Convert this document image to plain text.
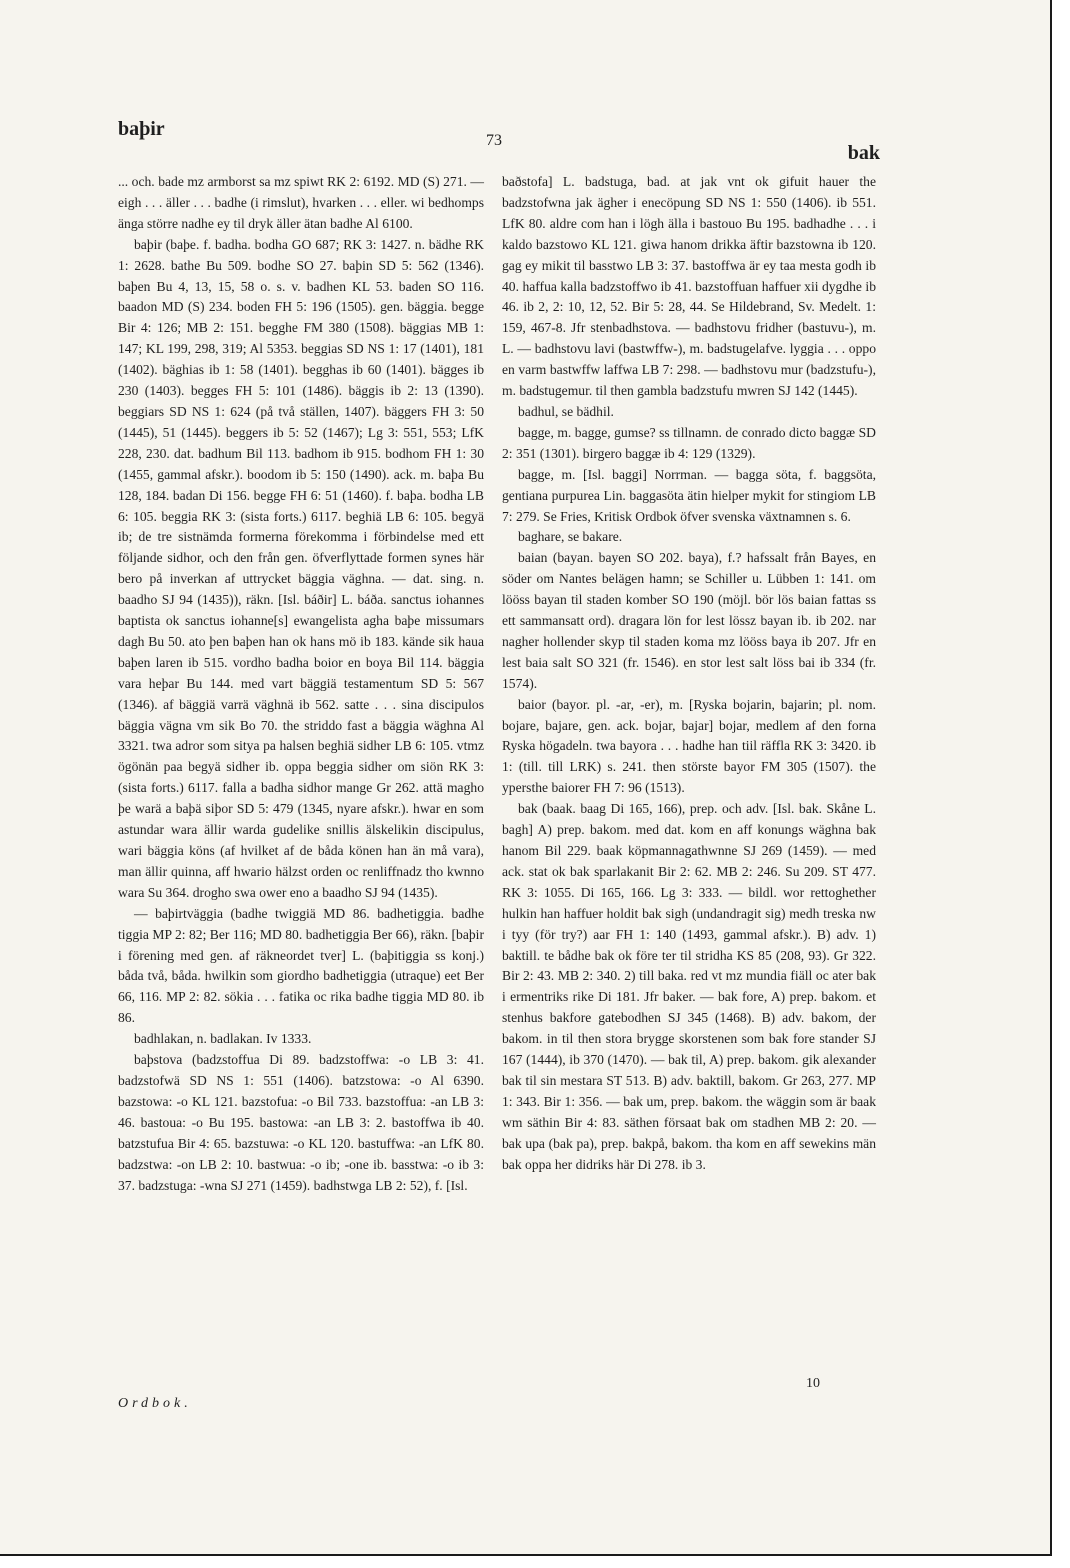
baþir
73
bak

... och. bade mz armborst sa mz spiwt RK 2: 6192. MD (S) 271. — eigh . . . äller . . . badhe (i rimslut), hvarken . . . eller. wi bedhomps änga större nadhe ey til dryk äller ätan badhe Al 6100.

baþir (baþe. f. badha. bodha GO 687; RK 3: 1427. n. bädhe RK 1: 2628. bathe Bu 509. bodhe SO 27. baþin SD 5: 562 (1346). baþen Bu 4, 13, 15, 58 o. s. v. badhen KL 53. baden SO 116. baadon MD (S) 234. boden FH 5: 196 (1505). gen. bäggia. begge Bir 4: 126; MB 2: 151. begghe FM 380 (1508). bäggias MB 1: 147; KL 199, 298, 319; Al 5353. beggias SD NS 1: 17 (1401), 181 (1402). bäghias ib 1: 58 (1401). begghas ib 60 (1401). bägges ib 230 (1403). begges FH 5: 101 (1486). bäggis ib 2: 13 (1390). beggiars SD NS 1: 624 (på två ställen, 1407). bäggers FH 3: 50 (1445), 51 (1445). beggers ib 5: 52 (1467); Lg 3: 551, 553; LfK 228, 230. dat. badhum Bil 113. badhom ib 915. bodhom FH 1: 30 (1455, gammal afskr.). boodom ib 5: 150 (1490). ack. m. baþa Bu 128, 184. badan Di 156. begge FH 6: 51 (1460). f. baþa. bodha LB 6: 105. beggia RK 3: (sista forts.) 6117. beghiä LB 6: 105. begyä ib; de tre sistnämda formerna förekomma i förbindelse med ett följande sidhor, och den från gen. öfverflyttade formen synes här bero på inverkan af uttrycket bäggia väghna. — dat. sing. n. baadho SJ 94 (1435)), räkn. [Isl. báðir] L. báða. sanctus iohannes baptista ok sanctus iohanne[s] ewangelista agha baþe missumars dagh Bu 50. ato þen baþen han ok hans mö ib 183. kände sik haua baþen laren ib 515. vordho badha boior en boya Bil 114. bäggia vara heþar Bu 144. med vart bäggiä testamentum SD 5: 567 (1346). af bäggiä varrä väghnä ib 562. satte . . . sina discipulos bäggia vägna vm sik Bo 70. the striddo fast a bäggia wäghna Al 3321. twa adror som sitya pa halsen beghiä sidher LB 6: 105. vtmz ögönän paa begyä sidher ib. oppa beggia sidher om siön RK 3: (sista forts.) 6117. falla a badha sidhor mange Gr 262. attä magho þe warä a baþä siþor SD 5: 479 (1345, nyare afskr.). hwar en som astundar wara ällir warda gudelike snillis älskelikin discipulus, wari bäggia köns (af hvilket af de båda könen han än må vara), man ällir quinna, aff hwario hälzst orden oc renliffnadz tho kwnno wara Su 364. drogho swa ower eno a baadho SJ 94 (1435).

— baþirtväggia (badhe twiggiä MD 86. badhetiggia. badhe tiggia MP 2: 82; Ber 116; MD 80. badhetiggia Ber 66), räkn. [baþir i förening med gen. af räkneordet tver] L. (baþitiggia ss konj.) båda två, båda. hwilkin som giordho badhetiggia (utraque) eet Ber 66, 116. MP 2: 82. sökia . . . fatika oc rika badhe tiggia MD 80. ib 86.

badhlakan, n. badlakan. Iv 1333.

baþstova (badzstoffua Di 89. badzstoffwa: -o LB 3: 41. badzstofwä SD NS 1: 551 (1406). batzstowa: -o Al 6390. bazstowa: -o KL 121. bazstofua: -o Bil 733. bazstoffua: -an LB 3: 46. bastoua: -o Bu 195. bastowa: -an LB 3: 2. bastoffwa ib 40. batzstufua Bir 4: 65. bazstuwa: -o KL 120. bastuffwa: -an LfK 80. badzstwa: -on LB 2: 10. bastwua: -o ib; -one ib. basstwa: -o ib 3: 37. badzstuga: -wna SJ 271 (1459). badhstwga LB 2: 52), f. [Isl.

baðstofa] L. badstuga, bad. at jak vnt ok gifuit hauer the badzstofwna jak ägher i enecöpung SD NS 1: 550 (1406). ib 551. LfK 80. aldre com han i lögh älla i bastouo Bu 195. badhadhe . . . i kaldo bazstowo KL 121. giwa hanom drikka äftir bazstowna ib 120. gag ey mikit til basstwo LB 3: 37. bastoffwa är ey taa mesta godh ib 40. haffua kalla badzstoffwo ib 41. bazstoffuan haffuer xii dygdhe ib 46. ib 2, 2: 10, 12, 52. Bir 5: 28, 44. Se Hildebrand, Sv. Medelt. 1: 159, 467-8. Jfr stenbadhstova. — badhstovu fridher (bastuvu-), m. L. — badhstovu lavi (bastwffw-), m. badstugelafve. lyggia . . . oppo en varm bastwffw laffwa LB 7: 298. — badhstovu mur (badzstufu-), m. badstugemur. til then gambla badzstufu mwren SJ 142 (1445).

badhul, se bädhil.

bagge, m. bagge, gumse? ss tillnamn. de conrado dicto baggæ SD 2: 351 (1301). birgero baggæ ib 4: 129 (1329).

bagge, m. [Isl. baggi] Norrman. — bagga söta, f. baggsöta, gentiana purpurea Lin. baggasöta ätin hielper mykit for stingiom LB 7: 279. Se Fries, Kritisk Ordbok öfver svenska växtnamnen s. 6.

baghare, se bakare.

baian (bayan. bayen SO 202. baya), f.? hafssalt från Bayes, en söder om Nantes belägen hamn; se Schiller u. Lübben 1: 141. om lööss bayan til staden komber SO 190 (möjl. bör lös baian fattas ss ett sammansatt ord). dragara lön for lest lössz bayan ib. ib 202. nar nagher hollender skyp til staden koma mz lööss baya ib 207. Jfr en lest baia salt SO 321 (fr. 1546). en stor lest salt löss bai ib 334 (fr. 1574).

baior (bayor. pl. -ar, -er), m. [Ryska bojarin, bajarin; pl. nom. bojare, bajare, gen. ack. bojar, bajar] bojar, medlem af den forna Ryska högadeln. twa bayora . . . hadhe han tiil räffla RK 3: 3420. ib 1: (till. till LRK) s. 241. then störste bayor FM 305 (1507). the ypersthe baiorer FH 7: 96 (1513).

bak (baak. baag Di 165, 166), prep. och adv. [Isl. bak. Skåne L. bagh] A) prep. bakom. med dat. kom en aff konungs wäghna bak hanom Bil 229. baak köpmannagathwnne SJ 269 (1459). — med ack. stat ok bak sparlakanit Bir 2: 62. MB 2: 246. Su 209. ST 477. RK 3: 1055. Di 165, 166. Lg 3: 333. — bildl. wor rettoghether hulkin han haffuer holdit bak sigh (undandragit sig) medh treska nw i tyy (för try?) aar FH 1: 140 (1493, gammal afskr.). B) adv. 1) baktill. te bådhe bak ok före ter til stridha KS 85 (208, 93). Gr 322. Bir 2: 43. MB 2: 340. 2) till baka. red vt mz mundia fiäll oc ater bak i ermentriks rike Di 181. Jfr baker. — bak fore, A) prep. bakom. et stenhus bakfore gatebodhen SJ 345 (1468). B) adv. bakom, der bakom. in til then stora brygge skorstenen som bak fore stander SJ 167 (1444), ib 370 (1470). — bak til, A) prep. bakom. gik alexander bak til sin mestara ST 513. B) adv. baktill, bakom. Gr 263, 277. MP 1: 343. Bir 1: 356. — bak um, prep. bakom. the wäggin som är baak wm säthin Bir 4: 83. säthen försaat bak om stadhen MB 2: 20. — bak upa (bak pa), prep. bakpå, bakom. tha kom en aff sewekins män bak oppa her didriks här Di 278. ib 3.

Ordbok.
10
